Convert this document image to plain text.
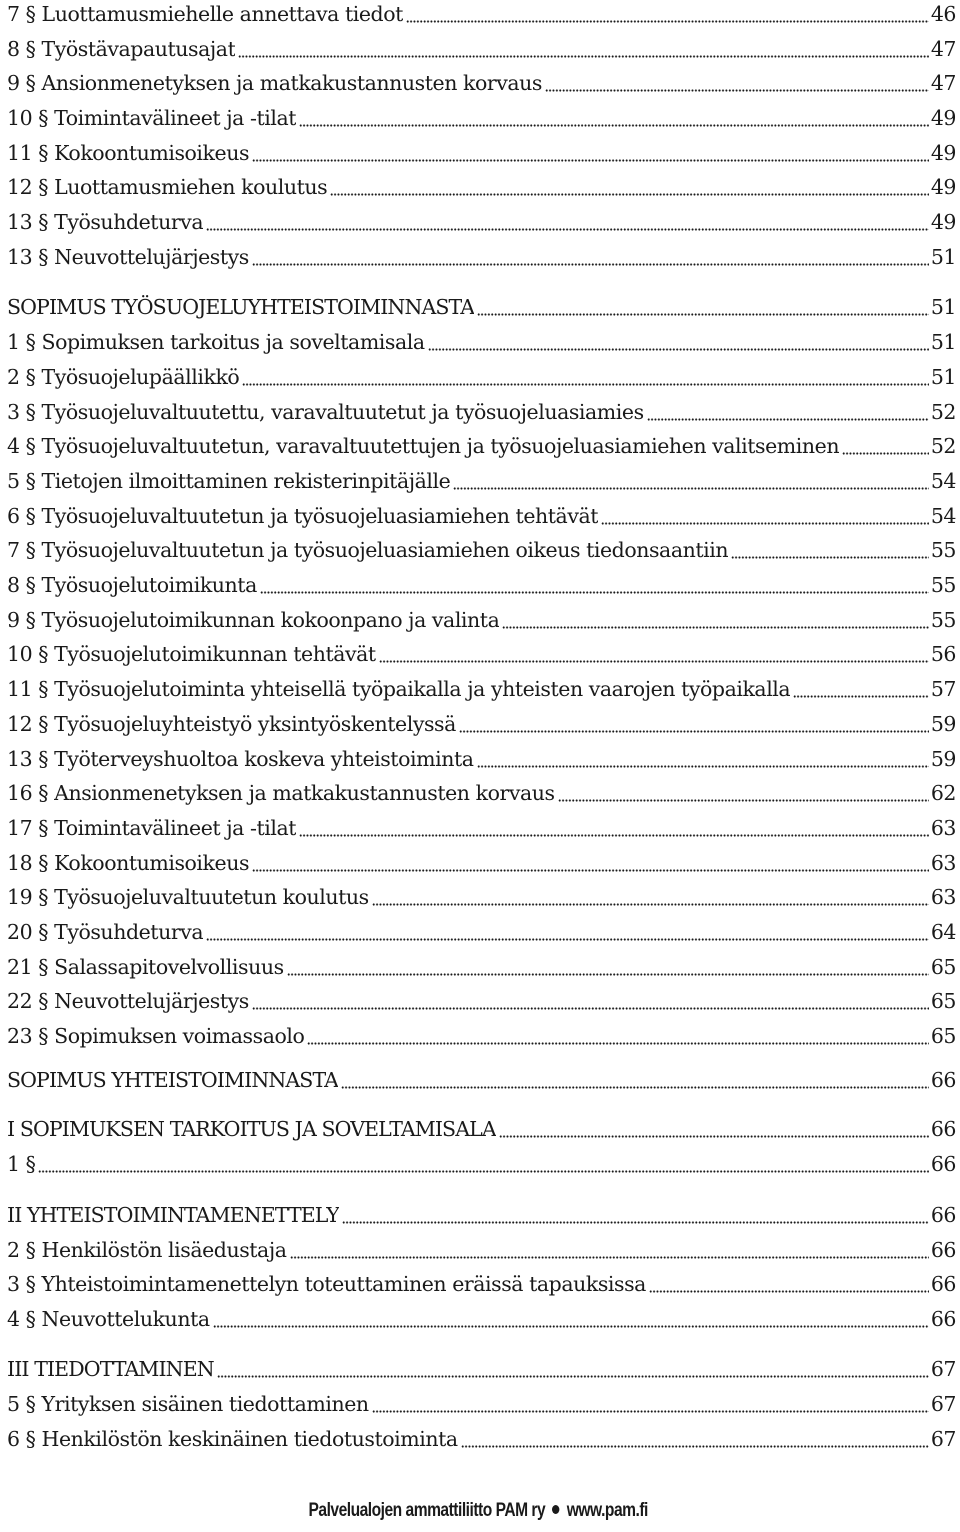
7 § Luottamusmiehelle annettava tiedot	46
8 § Työstävapautusajat	47
9 § Ansionmenetyksen ja matkakustannusten korvaus	47
10 § Toimintavälineet ja -tilat	49
11 § Kokoontumisoikeus	49
12 § Luottamusmiehen koulutus	49
13 § Työsuhdeturva	49
13 § Neuvottelujärjestys	51
SOPIMUS TYÖSUOJELUYHTEISTOIMINNASTA	51
1 § Sopimuksen tarkoitus ja soveltamisala	51
2 § Työsuojelupäällikkö	51
3 § Työsuojeluvaltuutettu, varavaltuutetut ja työsuojeluasiamies	52
4 § Työsuojeluvaltuutetun, varavaltuutettujen ja työsuojeluasiamiehen valitseminen	52
5 § Tietojen ilmoittaminen rekisterinpitäjälle	54
6 § Työsuojeluvaltuutetun ja työsuojeluasiamiehen tehtävät	54
7 § Työsuojeluvaltuutetun ja työsuojeluasiamiehen oikeus tiedonsaantiin	55
8 § Työsuojelutoimikunta	55
9 § Työsuojelutoimikunnan kokoonpano ja valinta	55
10 § Työsuojelutoimikunnan tehtävät	56
11 § Työsuojelutoiminta yhteisellä työpaikalla ja yhteisten vaarojen työpaikalla	57
12 § Työsuojeluyhteistyö yksintyöskentelyssä	59
13 § Työterveyshuoltoa koskeva yhteistoiminta	59
16 § Ansionmenetyksen ja matkakustannusten korvaus	62
17 § Toimintavälineet ja -tilat	63
18 § Kokoontumisoikeus	63
19 § Työsuojeluvaltuutetun koulutus	63
20 § Työsuhdeturva	64
21 § Salassapitovelvollisuus	65
22 § Neuvottelujärjestys	65
23 § Sopimuksen voimassaolo	65
SOPIMUS YHTEISTOIMINNASTA	66
I SOPIMUKSEN TARKOITUS JA SOVELTAMISALA	66
1 §	66
II YHTEISTOIMINTAMENETTELY	66
2 § Henkilöstön lisäedustaja	66
3 § Yhteistoimintamenettelyn toteuttaminen eräissä tapauksissa	66
4 § Neuvottelukunta	66
III TIEDOTTAMINEN	67
5 § Yrityksen sisäinen tiedottaminen	67
6 § Henkilöstön keskinäinen tiedotustoiminta	67
Palvelualojen ammattiliitto PAM ry www.pam.fi
